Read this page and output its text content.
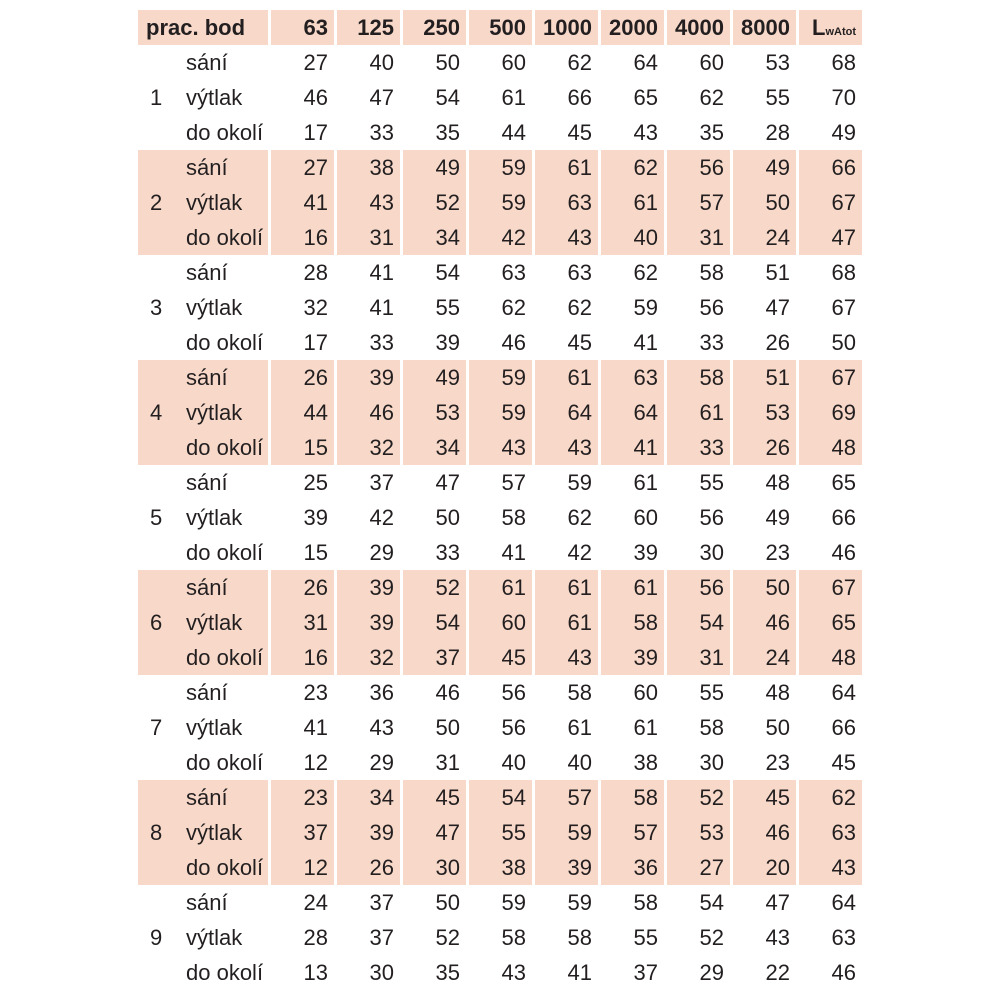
prac. bod	63	125	250	500 1000 2000 4000 8000	LwAtot
sání	27	40	50	60	62	64	60	53	68
1 výtlak	46	47	54	61	66	65	62	55	70
do okolí	17	33	35	44	45	43	35	28	49
sání	27	38	49	59	61	62	56	49	66
2 výtlak	41	43	52	59	63	61	57	50	67
do okolí	16	31	34	42	43	40	31	24	47
sání	28	41	54	63	63	62	58	51	68
3 výtlak	32	41	55	62	62	59	56	47	67
do okolí	17	33	39	46	45	41	33	26	50
sání	26	39	49	59	61	63	58	51	67
4 výtlak	44	46	53	59	64	64	61	53	69
do okolí	15	32	34	43	43	41	33	26	48
sání	25	37	47	57	59	61	55	48	65
5 výtlak	39	42	50	58	62	60	56	49	66
do okolí	15	29	33	41	42	39	30	23	46
sání	26	39	52	61	61	61	56	50	67
6 výtlak	31	39	54	60	61	58	54	46	65
do okolí	16	32	37	45	43	39	31	24	48
sání	23	36	46	56	58	60	55	48	64
7 výtlak	41	43	50	56	61	61	58	50	66
do okolí	12	29	31	40	40	38	30	23	45
sání	23	34	45	54	57	58	52	45	62
8 výtlak	37	39	47	55	59	57	53	46	63
do okolí	12	26	30	38	39	36	27	20	43
sání	24	37	50	59	59	58	54	47	64
9 výtlak	28	37	52	58	58	55	52	43	63
do okolí	13	30	35	43	41	37	29	22	46
